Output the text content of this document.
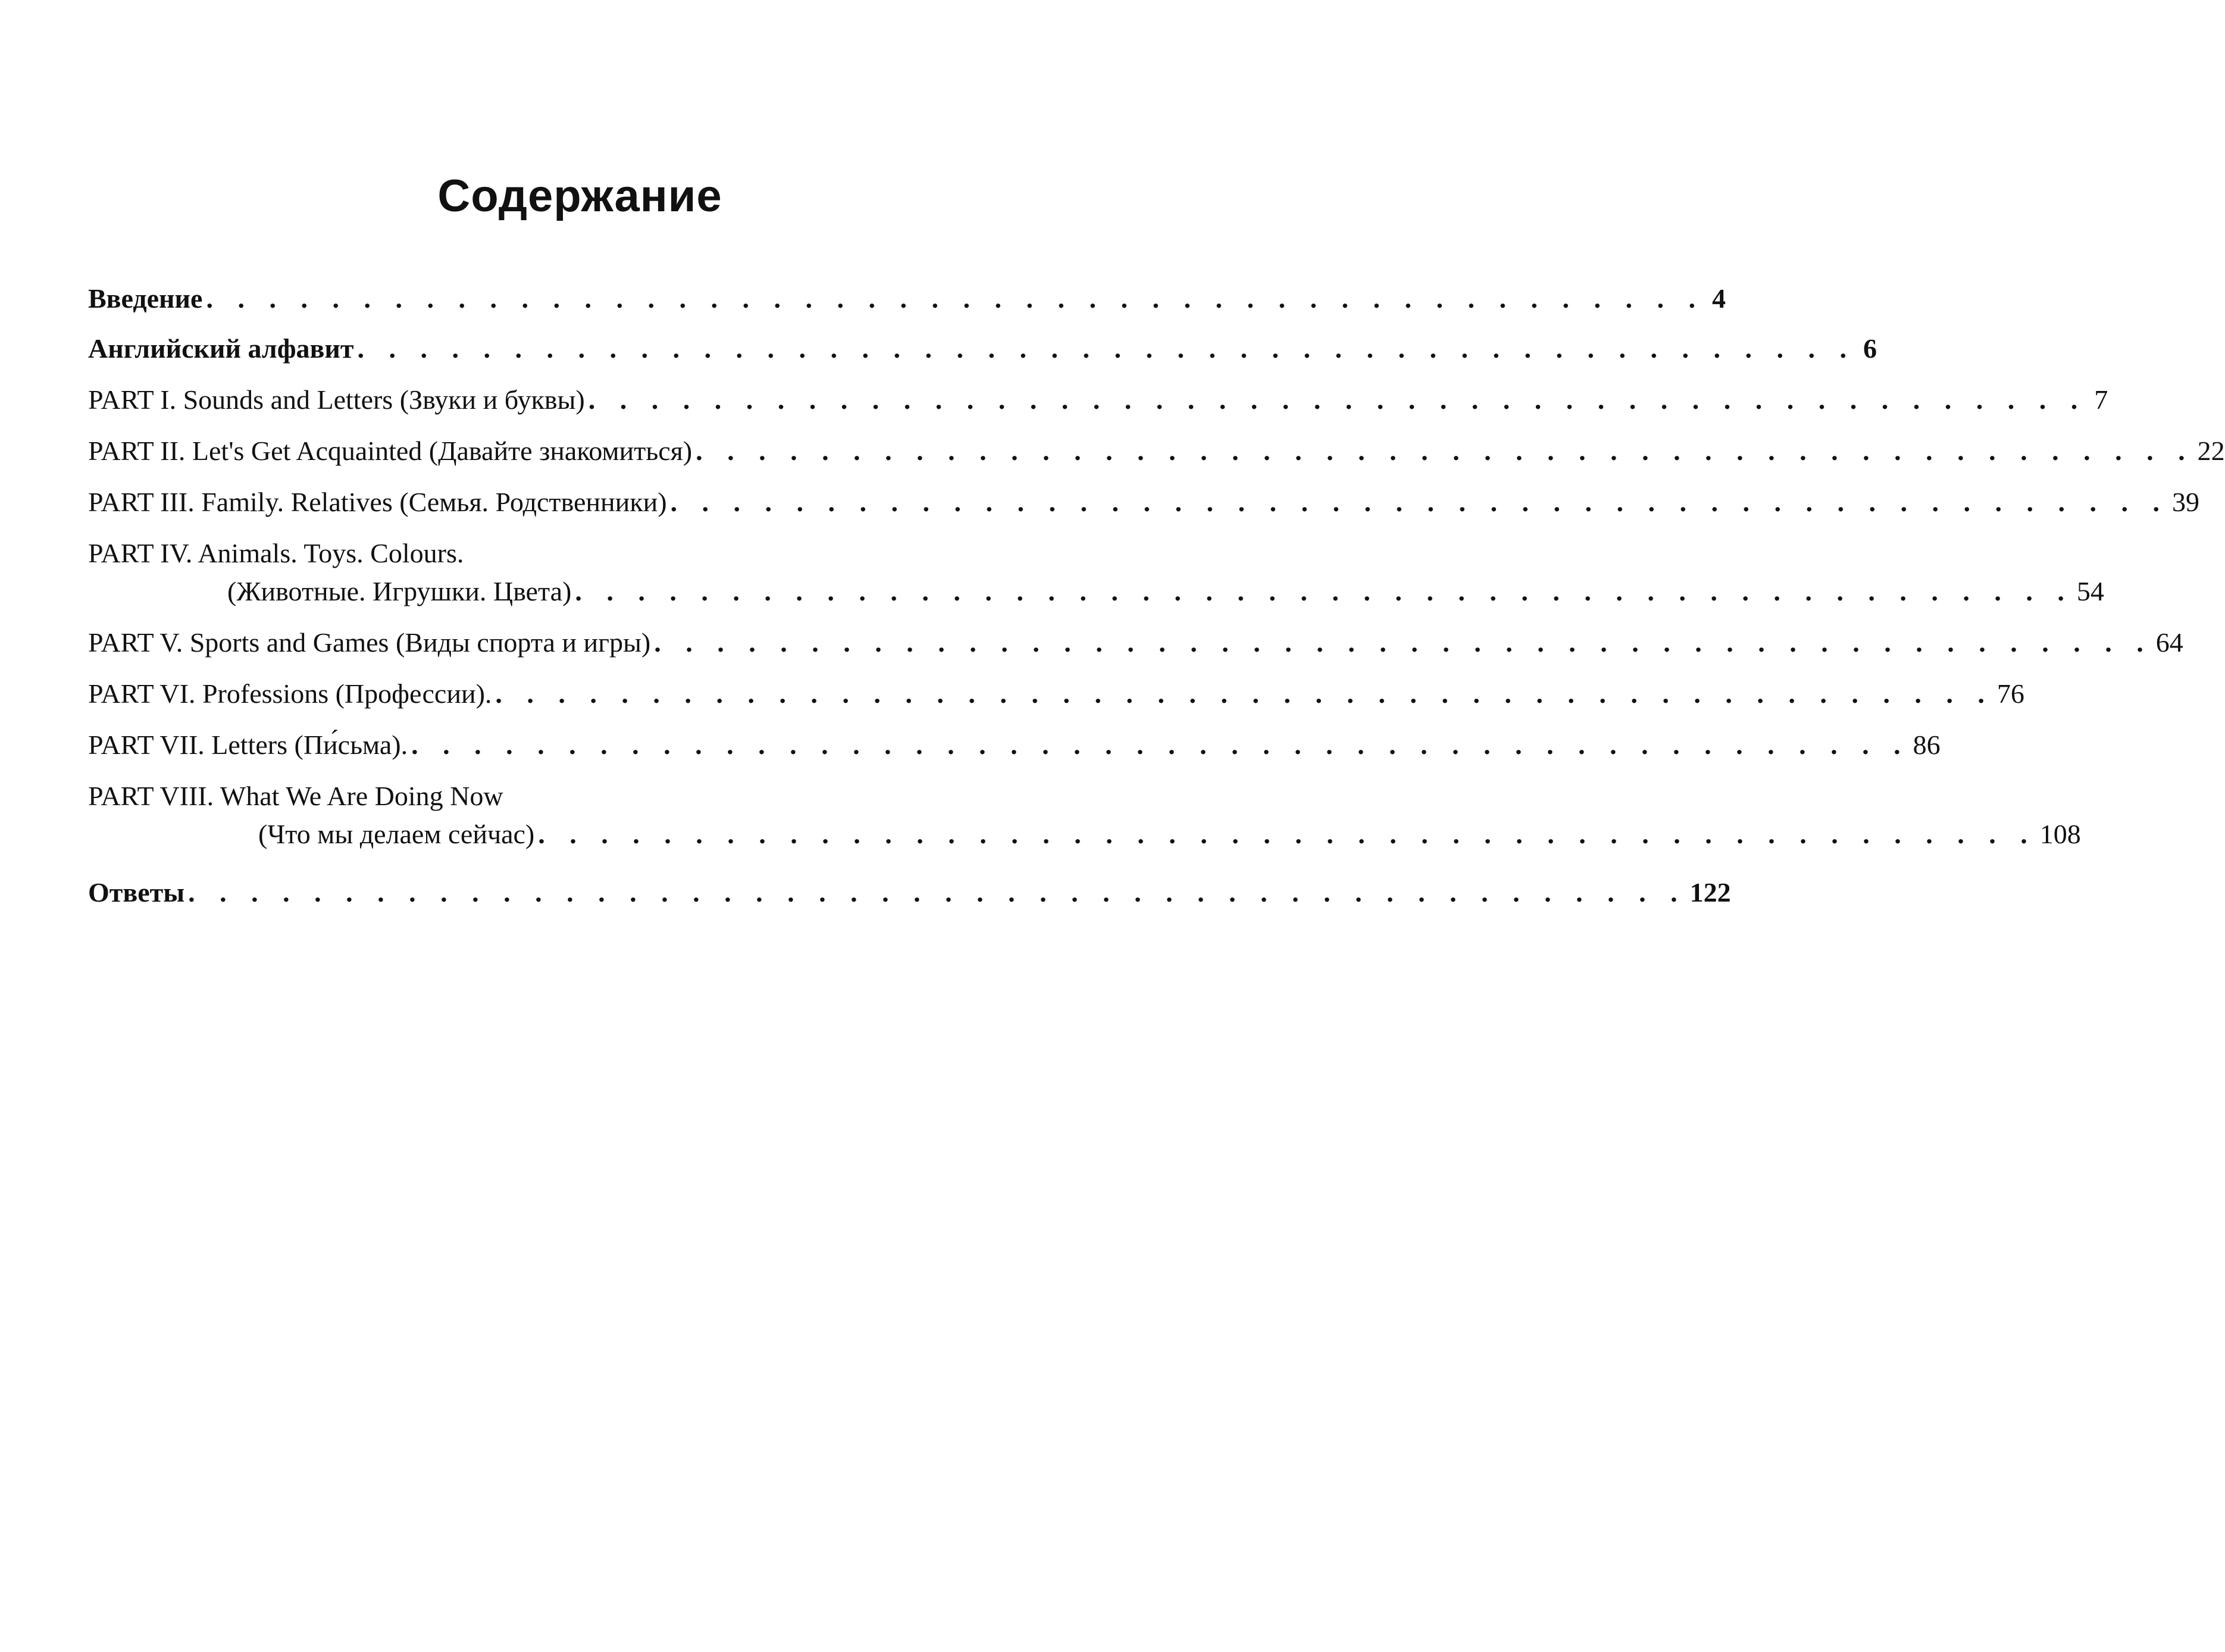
Содержание
Введение . . . . . . . . . . . . . . . . . . . . . . . . . . . . . . . . . . . . . . . . . . . . . . . . 4
Английский алфавит . . . . . . . . . . . . . . . . . . . . . . . . . . . . . . . . . . . . . . . . . . . . . . . . 6
PART I. Sounds and Letters (Звуки и буквы) . . . . . . . . . . . . . . . . . . . . . . . . . . . . . . . . . . . . . . . . . . . . . . . . 7
PART II. Let's Get Acquainted (Давайте знакомиться) . . . . . . . . . . . . . . . . . . . . . . . . . . . . . . . . . . . . . . . . . . . . . . . . 22
PART III. Family. Relatives (Семья. Родственники) . . . . . . . . . . . . . . . . . . . . . . . . . . . . . . . . . . . . . . . . . . . . . . . . 39
PART IV. Animals. Toys. Colours.
(Животные. Игрушки. Цвета) . . . . . . . . . . . . . . . . . . . . . . . . . . . . . . . . . . . . . . . . . . . . . . . . 54
PART V. Sports and Games (Виды спорта и игры) . . . . . . . . . . . . . . . . . . . . . . . . . . . . . . . . . . . . . . . . . . . . . . . . 64
PART VI. Professions (Профессии). . . . . . . . . . . . . . . . . . . . . . . . . . . . . . . . . . . . . . . . . . . . . . . . . 76
PART VII. Letters (Пи́сьма). . . . . . . . . . . . . . . . . . . . . . . . . . . . . . . . . . . . . . . . . . . . . . . . . 86
PART VIII. What We Are Doing Now
(Что мы делаем сейчас) . . . . . . . . . . . . . . . . . . . . . . . . . . . . . . . . . . . . . . . . . . . . . . . . 108
Ответы . . . . . . . . . . . . . . . . . . . . . . . . . . . . . . . . . . . . . . . . . . . . . . . . 122
